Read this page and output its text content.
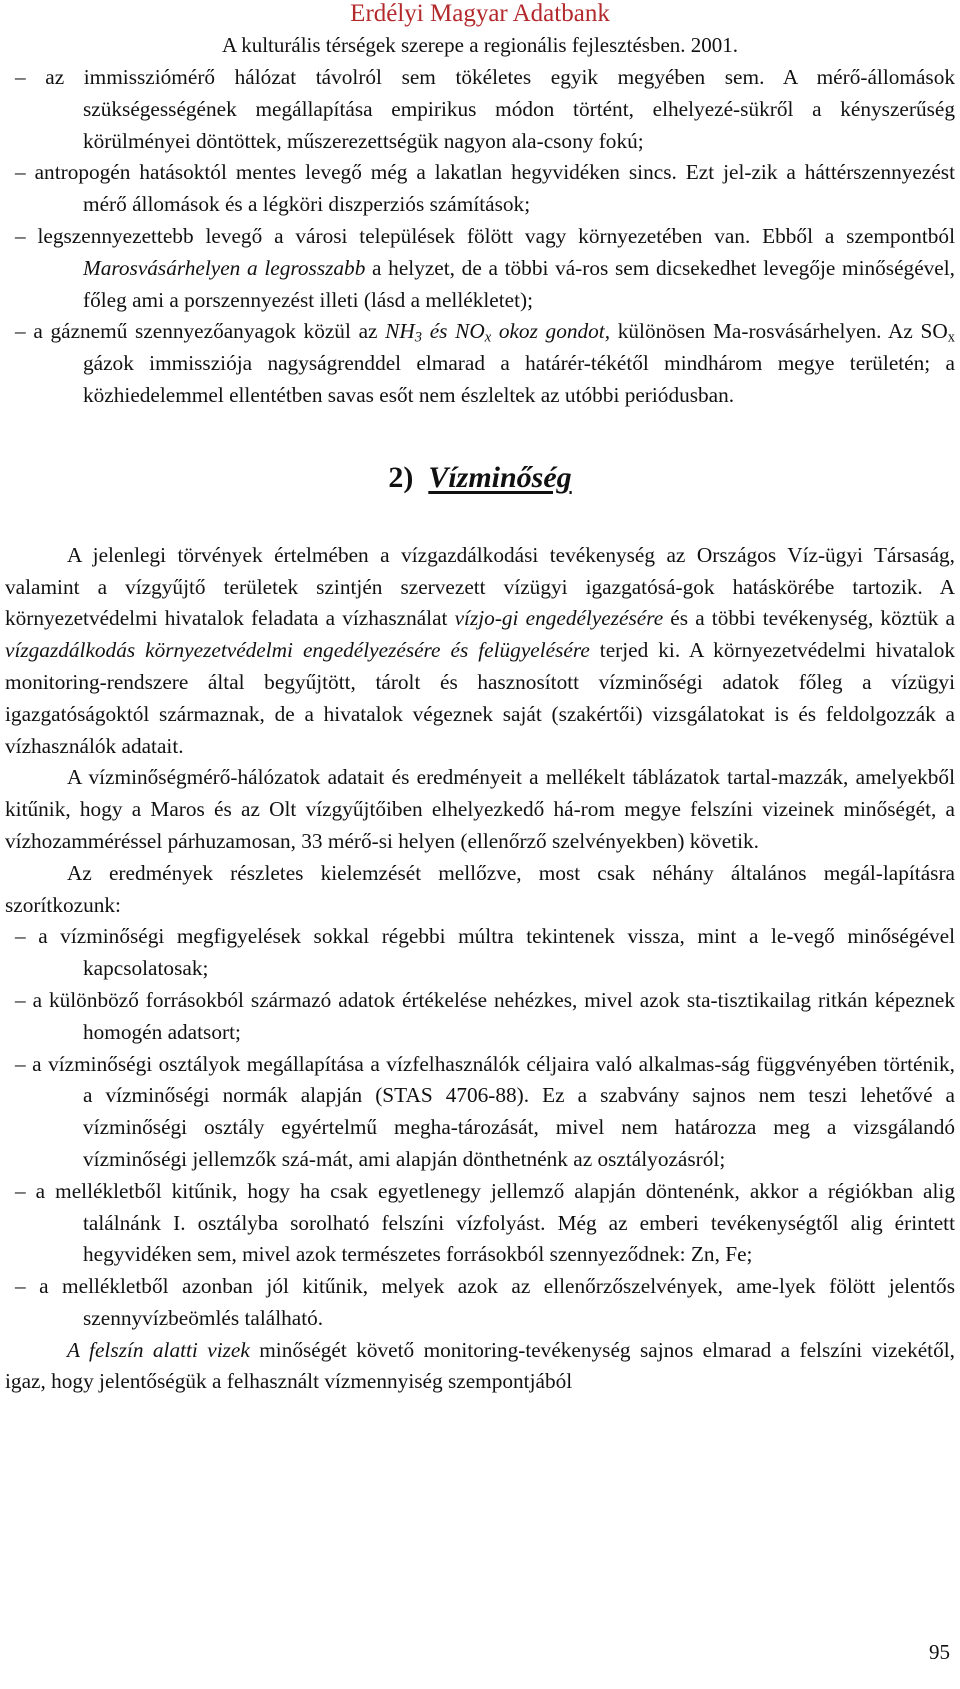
Erdélyi Magyar Adatbank
A kulturális térségek szerepe a regionális fejlesztésben. 2001.

– az immissziómérő hálózat távolról sem tökéletes egyik megyében sem. A mérő-állomások szükségességének megállapítása empirikus módon történt, elhelyezé-sükről a kényszerűség körülményei döntöttek, műszerezettségük nagyon ala-csony fokú;

– antropogén hatásoktól mentes levegő még a lakatlan hegyvidéken sincs. Ezt jel-zik a háttérszennyezést mérő állomások és a légköri diszperziós számítások;

– legszennyezettebb levegő a városi települések fölött vagy környezetében van. Ebből a szempontból Marosvásárhelyen a legrosszabb a helyzet, de a többi vá-ros sem dicsekedhet levegője minőségével, főleg ami a porszennyezést illeti (lásd a mellékletet);

– a gáznemű szennyezőanyagok közül az $NH_3$ és $NO_x$ okoz gondot, különösen Ma-rosvásárhelyen. Az $SO_x$ gázok immissziója nagyságrenddel elmarad a határér-tékétől mindhárom megye területén; a közhiedelemmel ellentétben savas esőt nem észleltek az utóbbi periódusban.

2) Vízminőség

A jelenlegi törvények értelmében a vízgazdálkodási tevékenység az Országos Víz-ügyi Társaság, valamint a vízgyűjtő területek szintjén szervezett vízügyi igazgatósá-gok hatáskörébe tartozik. A környezetvédelmi hivatalok feladata a vízhasználat vízjo-gi engedélyezésére és a többi tevékenység, köztük a vízgazdálkodás környezetvédelmi engedélyezésére és felügyelésére terjed ki. A környezetvédelmi hivatalok monitoring-rendszere által begyűjtött, tárolt és hasznosított vízminőségi adatok főleg a vízügyi igazgatóságoktól származnak, de a hivatalok végeznek saját (szakértői) vizsgálatokat is és feldolgozzák a vízhasználók adatait.

A vízminőségmérő-hálózatok adatait és eredményeit a mellékelt táblázatok tartal-mazzák, amelyekből kitűnik, hogy a Maros és az Olt vízgyűjtőiben elhelyezkedő há-rom megye felszíni vizeinek minőségét, a vízhozamméréssel párhuzamosan, 33 mérő-si helyen (ellenőrző szelvényekben) követik.

Az eredmények részletes kielemzését mellőzve, most csak néhány általános megál-lapításra szorítkozunk:

– a vízminőségi megfigyelések sokkal régebbi múltra tekintenek vissza, mint a le-vegő minőségével kapcsolatosak;

– a különböző forrásokból származó adatok értékelése nehézkes, mivel azok sta-tisztikailag ritkán képeznek homogén adatsort;

– a vízminőségi osztályok megállapítása a vízfelhasználók céljaira való alkalmas-ság függvényében történik, a vízminőségi normák alapján (STAS 4706-88). Ez a szabvány sajnos nem teszi lehetővé a vízminőségi osztály egyértelmű megha-tározását, mivel nem határozza meg a vizsgálandó vízminőségi jellemzők szá-mát, ami alapján dönthetnénk az osztályozásról;

– a mellékletből kitűnik, hogy ha csak egyetlenegy jellemző alapján döntenénk, akkor a régiókban alig találnánk I. osztályba sorolható felszíni vízfolyást. Még az emberi tevékenységtől alig érintett hegyvidéken sem, mivel azok természetes forrásokból szennyeződnek: Zn, Fe;

– a mellékletből azonban jól kitűnik, melyek azok az ellenőrzőszelvények, ame-lyek fölött jelentős szennyvízbeömlés található.

A felszín alatti vizek minőségét követő monitoring-tevékenység sajnos elmarad a felszíni vizekétől, igaz, hogy jelentőségük a felhasznált vízmennyiség szempontjából

95
